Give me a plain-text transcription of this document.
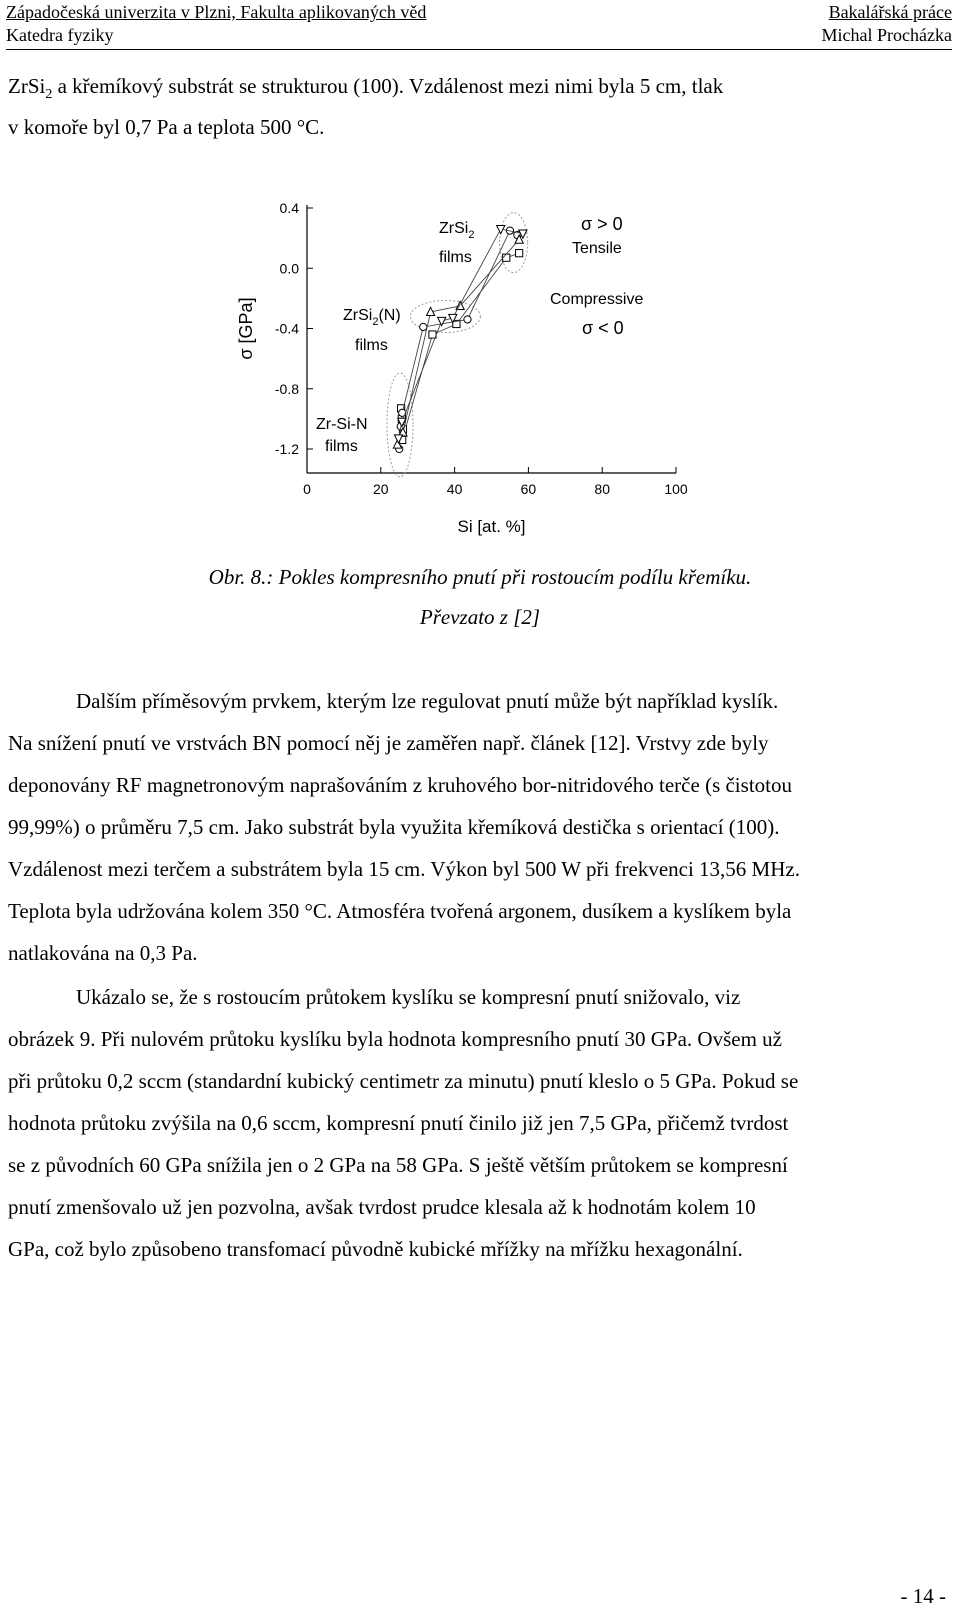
Západočeská univerzita v Plzni, Fakulta aplikovaných věd	Bakalářská práce
Katedra fyziky	Michal Procházka
ZrSi$_2$ a křemíkový substrát se strukturou (100). Vzdálenost mezi nimi byla 5 cm, tlak
v komoře byl 0,7 Pa a teplota 500 °C.
0.4
0.0
-0.4
-0.8
-1.2
0	20	40	60	80	100
Si [at. %]
σ [GPa]
ZrSi$_2$
films
ZrSi$_2$(N)
films
Zr-Si-N
films
σ > 0
Tensile
Compressive
σ < 0
Obr. 8.: Pokles kompresního pnutí při rostoucím podílu křemíku.
Převzato z [2]
Dalším příměsovým prvkem, kterým lze regulovat pnutí může být například kyslík.
Na snížení pnutí ve vrstvách BN pomocí něj je zaměřen např. článek [12]. Vrstvy zde byly
deponovány RF magnetronovým naprašováním z kruhového bor-nitridového terče (s čistotou
99,99%) o průměru 7,5 cm. Jako substrát byla využita křemíková destička s orientací (100).
Vzdálenost mezi terčem a substrátem byla 15 cm. Výkon byl 500 W při frekvenci 13,56 MHz.
Teplota byla udržována kolem 350 °C. Atmosféra tvořená argonem, dusíkem a kyslíkem byla
natlakována na 0,3 Pa.
Ukázalo se, že s rostoucím průtokem kyslíku se kompresní pnutí snižovalo, viz
obrázek 9. Při nulovém průtoku kyslíku byla hodnota kompresního pnutí 30 GPa. Ovšem už
při průtoku 0,2 sccm (standardní kubický centimetr za minutu) pnutí kleslo o 5 GPa. Pokud se
hodnota průtoku zvýšila na 0,6 sccm, kompresní pnutí činilo již jen 7,5 GPa, přičemž tvrdost
se z původních 60 GPa snížila jen o 2 GPa na 58 GPa. S ještě větším průtokem se kompresní
pnutí zmenšovalo už jen pozvolna, avšak tvrdost prudce klesala až k hodnotám kolem 10
GPa, což bylo způsobeno transfomací původně kubické mřížky na mřížku hexagonální.
- 14 -
